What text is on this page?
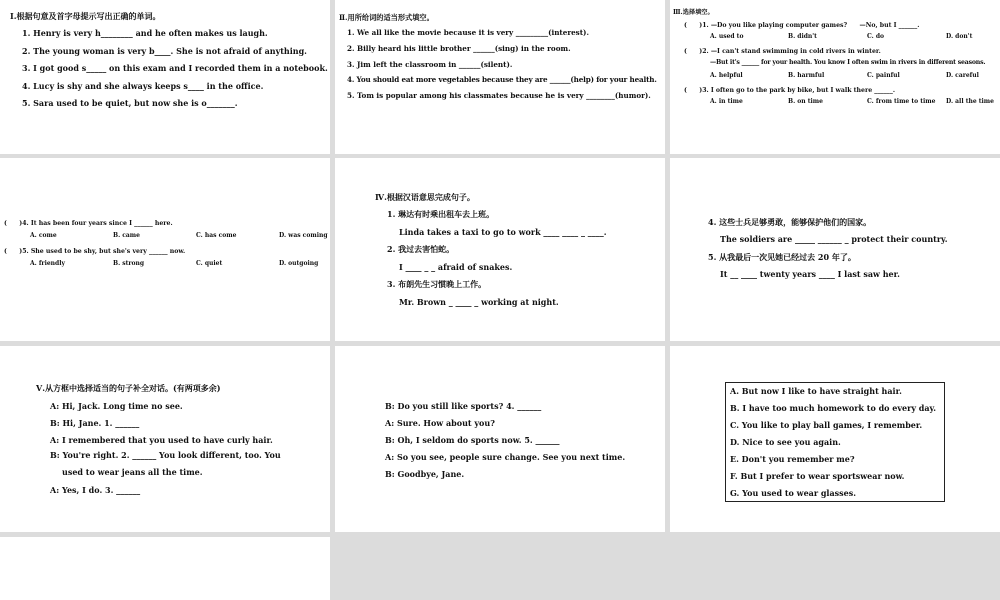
Ⅰ.根据句意及首字母提示写出正确的单词。
1. Henry is very h________ and he often makes us laugh.
2. The young woman is very b____. She is not afraid of anything.
3. I got good s_____ on this exam and I recorded them in a notebook.
4. Lucy is shy and she always keeps s____ in the office.
5. Sara used to be quiet, but now she is o_______.
Ⅱ.用所给词的适当形式填空。
1. We all like the movie because it is very _________(interest).
2. Billy heard his little brother ______(sing) in the room.
3. Jim left the classroom in ______(silent).
4. You should eat more vegetables because they are ______(help) for your health.
5. Tom is popular among his classmates because he is very ________(humor).
Ⅲ.选择填空。
(　　)1. —Do you like playing computer games?　　—No, but I ______.
A. used to	B. didn't	C. do	D. don't
(　　)2. —I can't stand swimming in cold rivers in winter.
—But it's ______ for your health. You know I often swim in rivers in different seasons.
A. helpful	B. harmful	C. painful	D. careful
(　　)3. I often go to the park by bike, but I walk there ______.
A. in time	B. on time	C. from time to time D. all the time
(　　)4. It has been four years since I ______ here.
A. come	B. came	C. has come	D. was coming
(　　)5. She used to be shy, but she's very ______ now.
A. friendly	B. strong	C. quiet	D. outgoing
Ⅳ.根据汉语意思完成句子。
1. 琳达有时乘出租车去上班。
Linda takes a taxi to go to work ____ ____ _ ____.
2. 我过去害怕蛇。
I ____ _ _ afraid of snakes.
3. 布朗先生习惯晚上工作。
Mr. Brown _ ____ _ working at night.
4. 这些士兵足够勇敢，能够保护他们的国家。
The soldiers are _____ ______ _ protect their country.
5. 从我最后一次见她已经过去 20 年了。
It __ ____ twenty years ____ I last saw her.
Ⅴ.从方框中选择适当的句子补全对话。(有两项多余)
A: Hi, Jack. Long time no see.
B: Hi, Jane. 1. ______
A: I remembered that you used to have curly hair.
B: You're right. 2. ______ You look different, too. You
used to wear jeans all the time.
A: Yes, I do. 3. ______
B: Do you still like sports? 4. ______
A: Sure. How about you?
B: Oh, I seldom do sports now. 5. ______
A: So you see, people sure change. See you next time.
B: Goodbye, Jane.
A. But now I like to have straight hair.
B. I have too much homework to do every day.
C. You like to play ball games, I remember.
D. Nice to see you again.
E. Don't you remember me?
F. But I prefer to wear sportswear now.
G. You used to wear glasses.
